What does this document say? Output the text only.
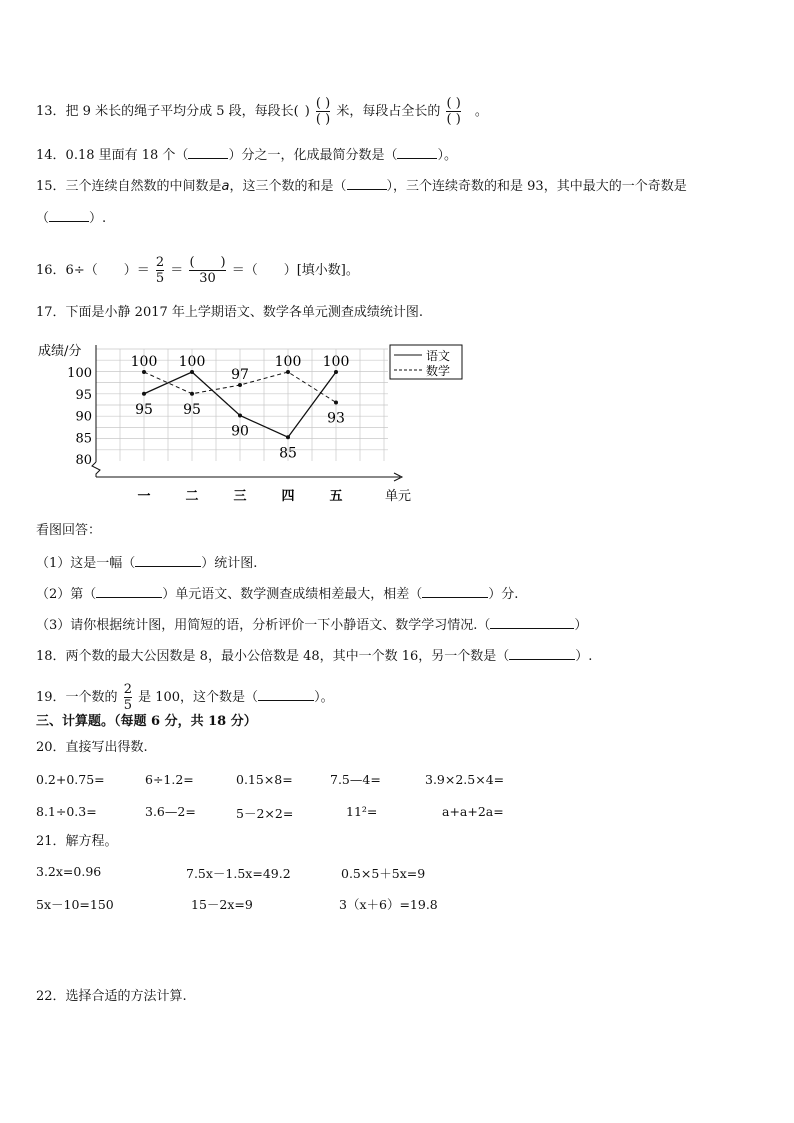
13．把 9 米长的绳子平均分成 5 段，每段长( ) $\frac{( )}{( )}$ 米，每段占全长的 $\frac{( )}{( )}$ 。
14．0.18 里面有 18 个（	）分之一，化成最简分数是（	）。
15．三个连续自然数的中间数是a，这三个数的和是（	），三个连续奇数的和是 93，其中最大的一个奇数是
（	）.
16．6÷（　　）＝ $\frac{2}{5} = \frac{( )}{30}$ ＝（　　）[填小数]。
17．下面是小静 2017 年上学期语文、数学各单元测查成绩统计图.
80
85
90
95
100
一	二	三	四	五
95
100
90
85
100
100
95
97
100
93
语文
数学
成绩/分
单元
看图回答：
（1）这是一幅（	）统计图.
（2）第（	）单元语文、数学测查成绩相差最大，相差（	）分.
（3）请你根据统计图，用简短的语，分析评价一下小静语文、数学学习情况.（	）
18．两个数的最大公因数是 8，最小公倍数是 48，其中一个数 16，另一个数是（	）.
19．一个数的 $\frac{2}{5}$ 是 100，这个数是（	）。
三、计算题。（每题 6 分，共 18 分）
20．直接写出得数.
0.2+0.75=	6÷1.2=	0.15×8=	7.5—4=	3.9×2.5×4=
8.1÷0.3=	3.6—2=	5－2×2=	11²=	a+a+2a=
21．解方程。
3.2x=0.96	7.5x－1.5x=49.2	0.5×5＋5x=9
5x－10=150	15－2x=9	3（x＋6）=19.8
22．选择合适的方法计算.
